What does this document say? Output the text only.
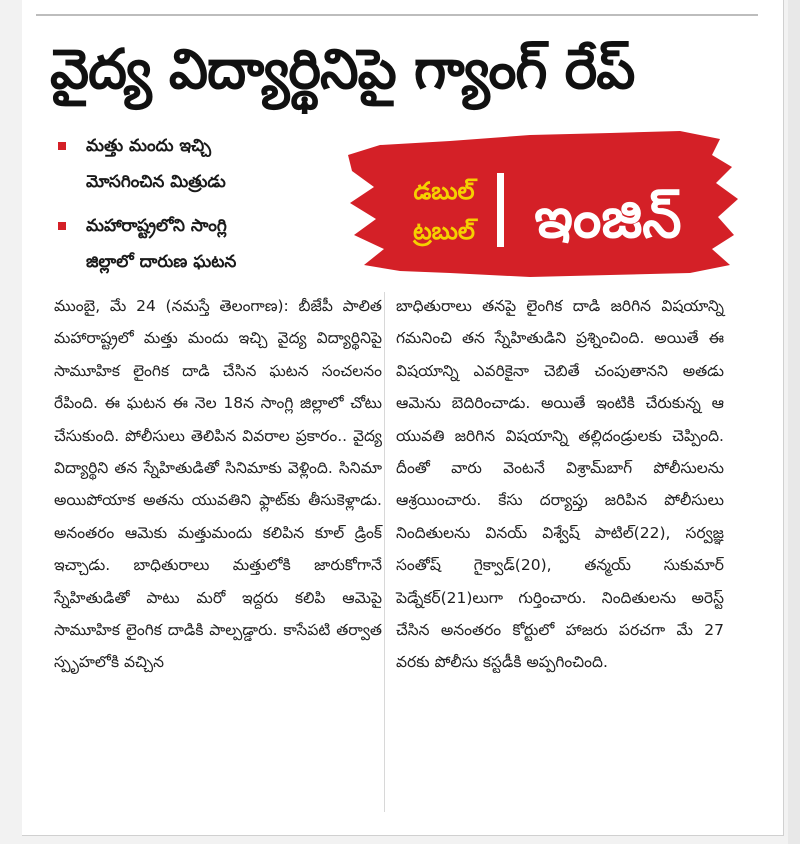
వైద్య విద్యార్థినిపై గ్యాంగ్ రేప్
మత్తు మందు ఇచ్చి
మోసగించిన మిత్రుడు
మహారాష్ట్రలోని సాంగ్లి
జిల్లాలో దారుణ ఘటన
డబుల్
ట్రబుల్ ఇంజిన్

ముంబై, మే 24 (నమస్తే తెలంగాణ): బీజేపీ పాలిత మహారాష్ట్రలో మత్తు మందు ఇచ్చి వైద్య విద్యార్థినిపై సామూహిక లైంగిక దాడి చేసిన ఘటన సంచలనం రేపింది. ఈ ఘటన ఈ నెల 18న సాంగ్లి జిల్లాలో చోటు చేసుకుంది. పోలీసులు తెలిపిన వివరాల ప్రకారం.. వైద్య విద్యార్థిని తన స్నేహితుడితో సినిమాకు వెళ్లింది. సినిమా అయిపోయాక అతను యువతిని ఫ్లాట్‌కు తీసుకెళ్లాడు. అనంతరం ఆమెకు మత్తుమందు కలిపిన కూల్ డ్రింక్ ఇచ్చాడు. బాధితురాలు మత్తులోకి జారుకోగానే స్నేహితుడితో పాటు మరో ఇద్దరు కలిపి ఆమెపై సామూహిక లైంగిక దాడికి పాల్పడ్డారు. కాసేపటి తర్వాత స్పృహలోకి వచ్చిన

బాధితురాలు తనపై లైంగిక దాడి జరిగిన విషయాన్ని గమనించి తన స్నేహితుడిని ప్రశ్నించింది. అయితే ఈ విషయాన్ని ఎవరికైనా చెబితే చంపుతానని అతడు ఆమెను బెదిరించాడు. అయితే ఇంటికి చేరుకున్న ఆ యువతి జరిగిన విషయాన్ని తల్లిదండ్రులకు చెప్పింది. దీంతో వారు వెంటనే విశ్రామ్‌బాగ్ పోలీసులను ఆశ్రయించారు. కేసు దర్యాప్తు జరిపిన పోలీసులు నిందితులను వినయ్ విశ్వేష్ పాటిల్(22), సర్వజ్ఞ సంతోష్ గైక్వాడ్(20), తన్మయ్ సుకుమార్ పెడ్నేకర్(21)లుగా గుర్తించారు. నిందితులను అరెస్ట్ చేసిన అనంతరం కోర్టులో హాజరు పరచగా మే 27 వరకు పోలీసు కస్టడీకి అప్పగించింది.
